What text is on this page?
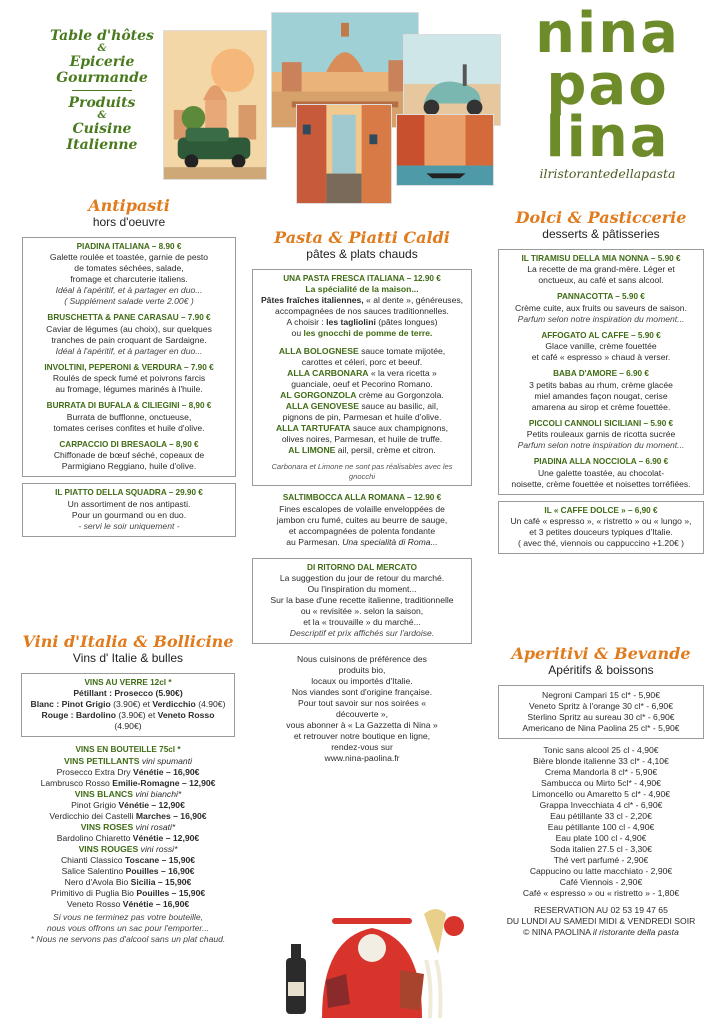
Table d'hôtes
&
Epicerie
Gourmande
Produits
&
Cuisine
Italienne
nina
pao
lina
ilristorantedellapasta
Antipasti
hors d'oeuvre
PIADINA ITALIANA – 8.90 €
Galette roulée et toastée, garnie de pesto
de tomates séchées, salade,
fromage et charcuterie italiens.
Idéal à l'apéritif, et à partager en duo...
( Supplément salade verte 2.00€ )
BRUSCHETTA & PANE CARASAU – 7.90 €
Caviar de légumes (au choix), sur quelques
tranches de pain croquant de Sardaigne.
Idéal à l'apéritif, et à partager en duo...
INVOLTINI, PEPERONI & VERDURA – 7.90 €
Roulés de speck fumé et poivrons farcis
au fromage, légumes marinés à l'huile.
BURRATA DI BUFALA & CILIEGINI – 8,90 €
Burrata de bufflonne, onctueuse,
tomates cerises confites et huile d'olive.
CARPACCIO DI BRESAOLA – 8,90 €
Chiffonade de bœuf séché, copeaux de
Parmigiano Reggiano, huile d'olive.
IL PIATTO DELLA SQUADRA – 29.90 €
Un assortiment de nos antipasti.
Pour un gourmand ou en duo.
- servi le soir uniquement -
Vini d'Italia & Bollicine
Vins d' Italie & bulles
VINS AU VERRE 12cl *
Pétillant : Prosecco (5.90€)
Blanc : Pinot Grigio (3.90€) et Verdicchio (4.90€)
Rouge : Bardolino (3.90€) et Veneto Rosso (4.90€)
VINS EN BOUTEILLE 75cl *
VINS PETILLANTS vini spumanti
Prosecco Extra Dry Vénétie – 16,90€
Lambrusco Rosso Emilie-Romagne – 12,90€
VINS BLANCS vini bianchi*
Pinot Grigio Vénétie – 12,90€
Verdicchio dei Castelli Marches – 16,90€
VINS ROSES vini rosati*
Bardolino Chiaretto Vénétie – 12,90€
VINS ROUGES vini rossi*
Chianti Classico Toscane – 15,90€
Salice Salentino Pouilles – 16,90€
Nero d'Avola Bio Sicilia – 15,90€
Primitivo di Puglia Bio Pouilles – 15,90€
Veneto Rosso Vénétie – 16,90€
Si vous ne terminez pas votre bouteille,
nous vous offrons un sac pour l'emporter...
* Nous ne servons pas d'alcool sans un plat chaud.
Pasta & Piatti Caldi
pâtes & plats chauds
UNA PASTA FRESCA ITALIANA – 12.90 €
La spécialité de la maison...
Pâtes fraîches italiennes, « al dente », généreuses,
accompagnées de nos sauces traditionnelles.
A choisir : les tagliolini (pâtes longues)
ou les gnocchi de pomme de terre.
ALLA BOLOGNESE sauce tomate mijotée,
carottes et céleri, porc et beeuf.
ALLA CARBONARA « la vera ricetta »
guanciale, oeuf et Pecorino Romano.
AL GORGONZOLA crème au Gorgonzola.
ALLA GENOVESE sauce au basilic, ail,
pignons de pin, Parmesan et huile d'olive.
ALLA TARTUFATA sauce aux champignons,
olives noires, Parmesan, et huile de truffe.
AL LIMONE ail, persil, crème et citron.
Carbonara et Limone ne sont pas réalisables avec les gnocchi
SALTIMBOCCA ALLA ROMANA – 12.90 €
Fines escalopes de volaille enveloppées de
jambon cru fumé, cuites au beurre de sauge,
et accompagnées de polenta fondante
au Parmesan. Una specialità di Roma...
DI RITORNO DAL MERCATO
La suggestion du jour de retour du marché.
Ou l'inspiration du moment...
Sur la base d'une recette italienne, traditionnelle
ou « revisitée ». selon la saison,
et la « trouvaille » du marché...
Descriptif et prix affichés sur l'ardoise.
Nous cuisinons de préférence des
produits bio,
locaux ou importés d'Italie.
Nos viandes sont d'origine française.
Pour tout savoir sur nos soirées «
découverte »,
vous abonner à « La Gazzetta di Nina »
et retrouver notre boutique en ligne,
rendez-vous sur
www.nina-paolina.fr
Dolci & Pasticcerie
desserts & pâtisseries
IL TIRAMISU DELLA MIA NONNA – 5.90 €
La recette de ma grand-mère. Léger et
onctueux, au café et sans alcool.
PANNACOTTA – 5.90 €
Crème cuite, aux fruits ou saveurs de saison.
Parfum selon notre inspiration du moment...
AFFOGATO AL CAFFE – 5.90 €
Glace vanille, crème fouettée
et café « espresso » chaud à verser.
BABA D'AMORE – 6.90 €
3 petits babas au rhum, crème glacée
miel amandes façon nougat, cerise
amarena au sirop et crème fouettée.
PICCOLI CANNOLI SICILIANI – 5.90 €
Petits rouleaux garnis de ricotta sucrée
Parfum selon notre inspiration du moment...
PIADINA ALLA NOCCIOLA – 6.90 €
Une galette toastée, au chocolat-
noisette, crème fouettée et noisettes torréfiées.
IL « CAFFE DOLCE » – 6,90 €
Un café « espresso », « ristretto » ou « lungo »,
et 3 petites douceurs typiques d'Italie.
( avec thé, viennois ou cappuccino +1.20€ )
Aperitivi & Bevande
Apéritifs & boissons
Negroni Campari 15 cl* - 5,90€
Veneto Spritz à l'orange 30 cl* - 6,90€
Sterlino Spritz au sureau 30 cl* - 6,90€
Americano de Nina Paolina 25 cl* - 5,90€
Tonic sans alcool 25 cl - 4,90€
Bière blonde italienne 33 cl* - 4,10€
Crema Mandorla 8 cl* - 5,90€
Sambucca ou Mirto 5cl* - 4,90€
Limoncello ou Amaretto 5 cl* - 4,90€
Grappa Invecchiata 4 cl* - 6,90€
Eau pétillante 33 cl - 2,20€
Eau pétillante 100 cl - 4,90€
Eau plate 100 cl - 4,90€
Soda italien 27.5 cl - 3,30€
Thé vert parfumé - 2,90€
Cappucino ou latte macchiato - 2,90€
Café Viennois - 2,90€
Café « espresso » ou « ristretto » - 1,80€
RESERVATION AU 02 53 19 47 65
DU LUNDI AU SAMEDI MIDI & VENDREDI SOIR
© NINA PAOLINA il ristorante della pasta
